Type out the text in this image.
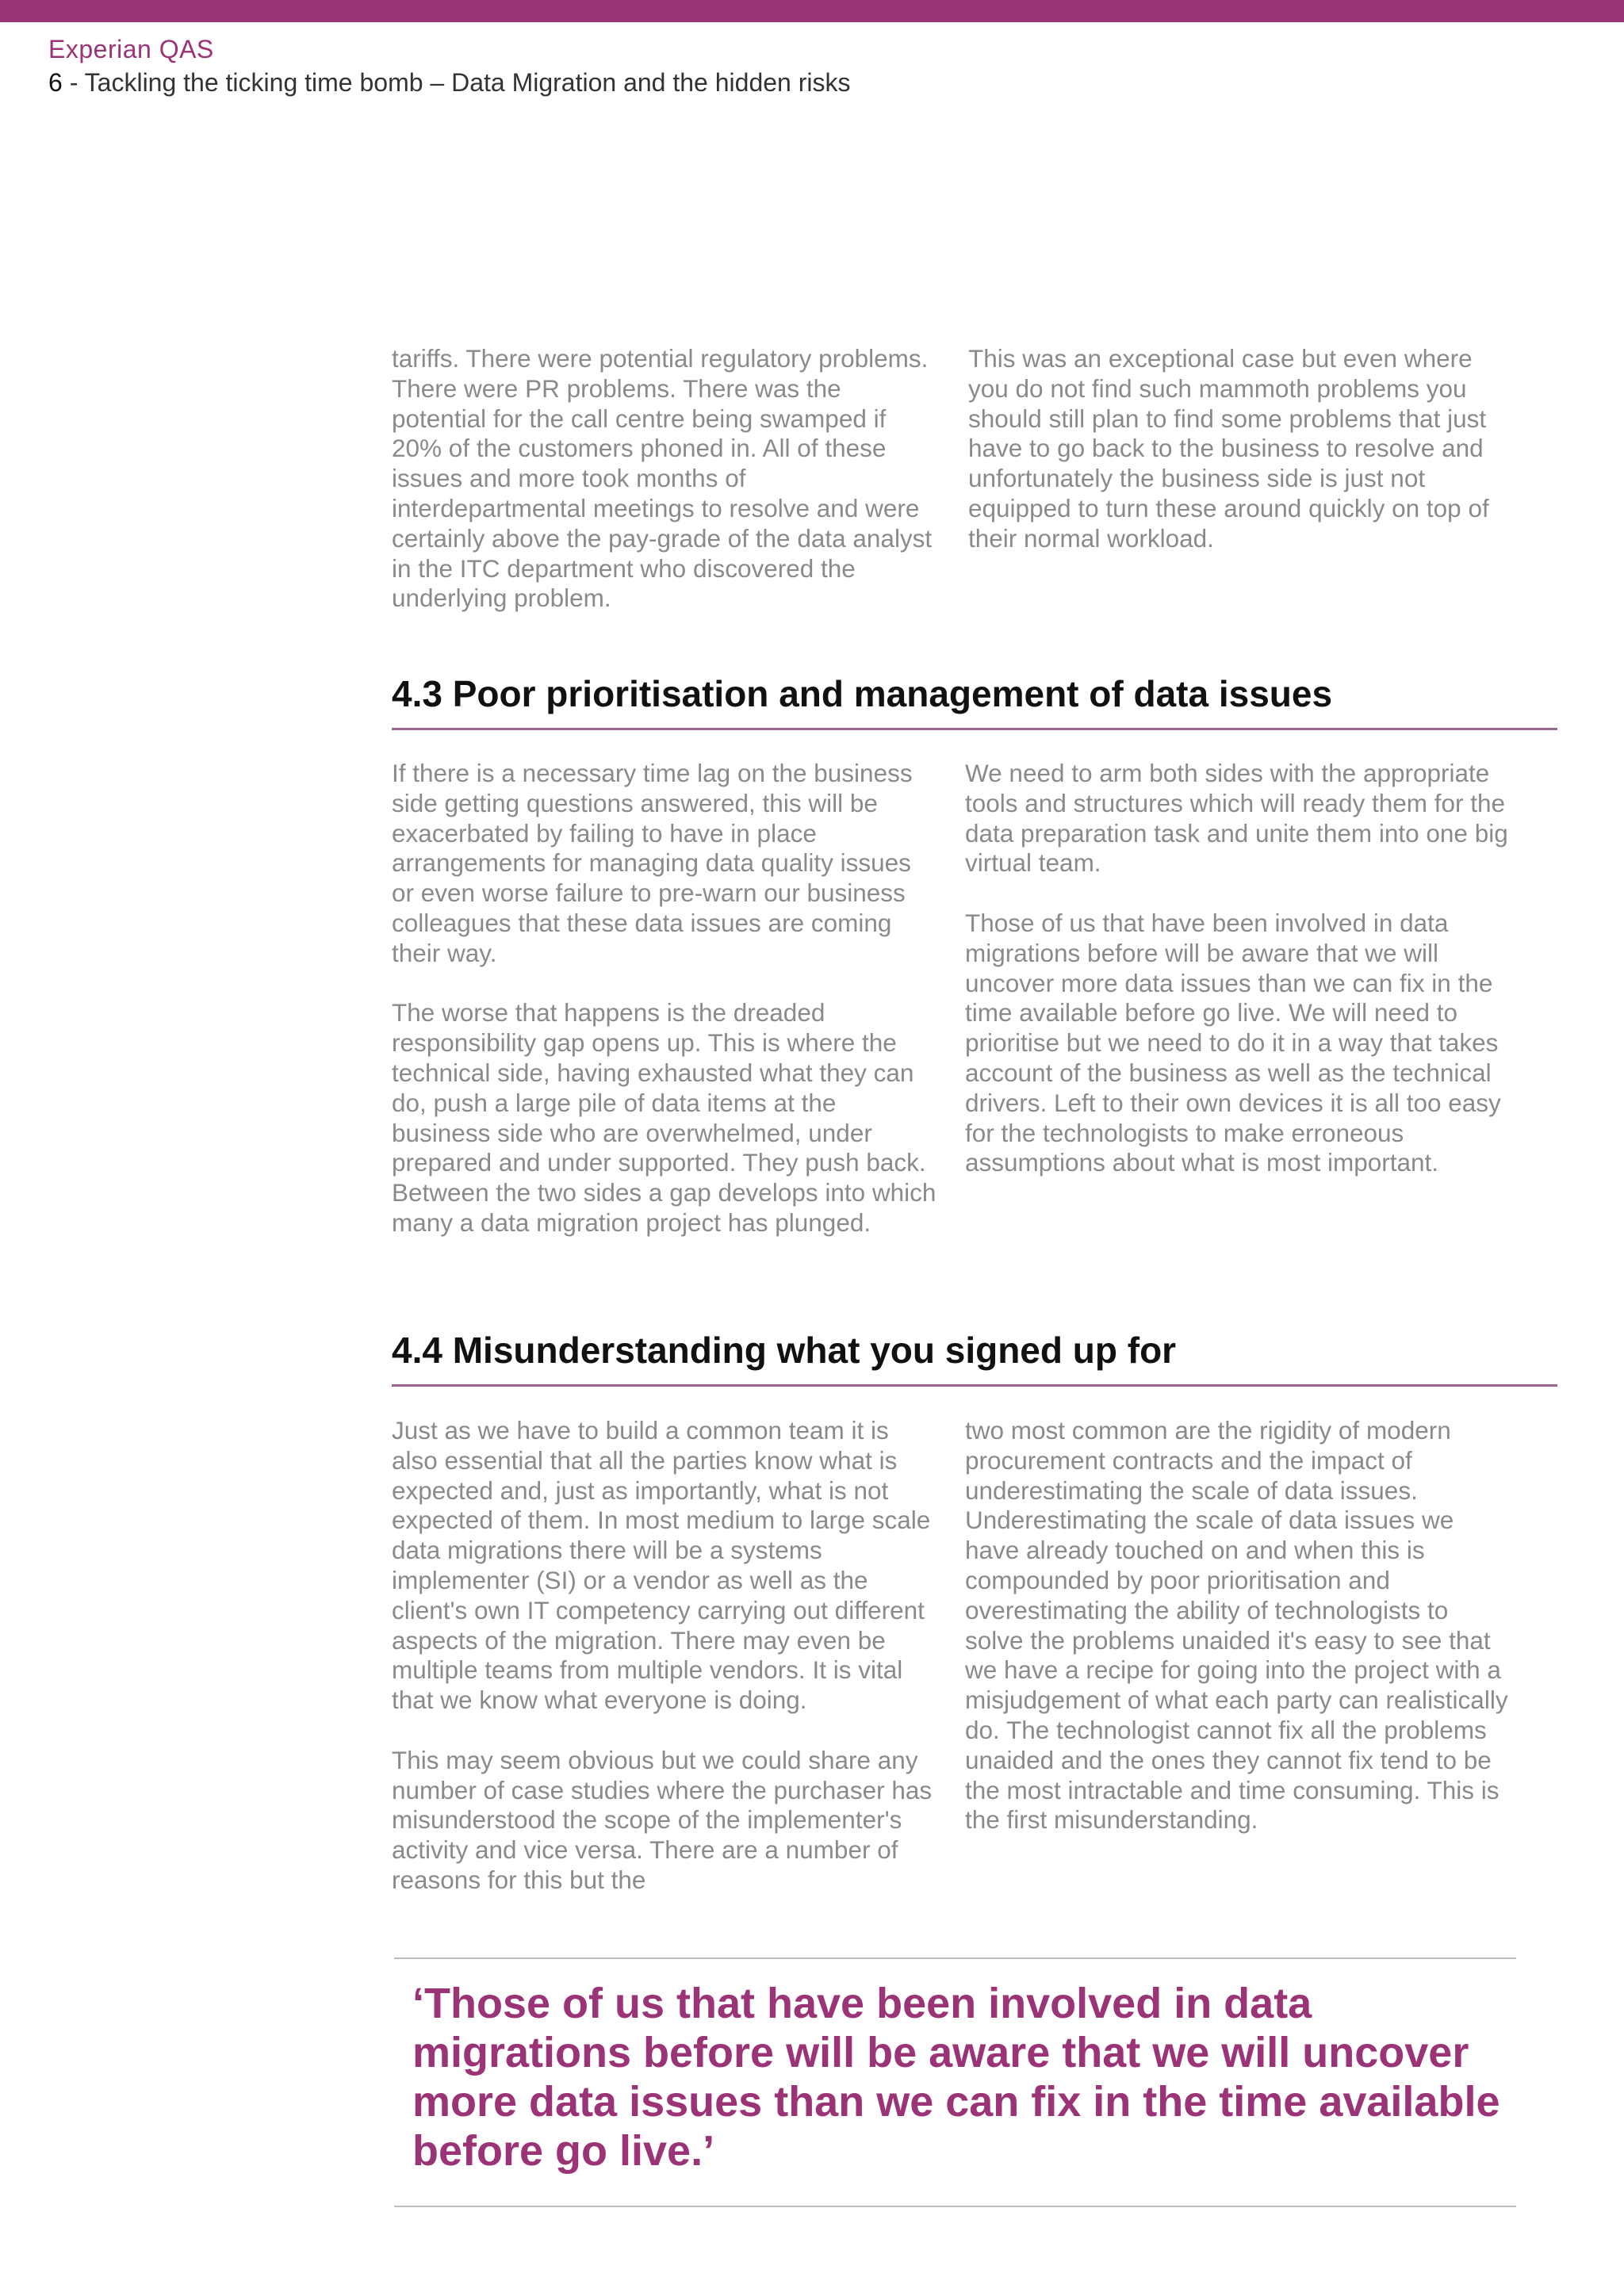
Experian QAS
6 - Tackling the ticking time bomb – Data Migration and the hidden risks

tariffs. There were potential regulatory problems. There were PR problems. There was the potential for the call centre being swamped if 20% of the customers phoned in. All of these issues and more took months of interdepartmental meetings to resolve and were certainly above the pay-grade of the data analyst in the ITC department who discovered the underlying problem.

This was an exceptional case but even where you do not find such mammoth problems you should still plan to find some problems that just have to go back to the business to resolve and unfortunately the business side is just not equipped to turn these around quickly on top of their normal workload.

4.3 Poor prioritisation and management of data issues

If there is a necessary time lag on the business side getting questions answered, this will be exacerbated by failing to have in place arrangements for managing data quality issues or even worse failure to pre-warn our business colleagues that these data issues are coming their way.

The worse that happens is the dreaded responsibility gap opens up. This is where the technical side, having exhausted what they can do, push a large pile of data items at the business side who are overwhelmed, under prepared and under supported. They push back. Between the two sides a gap develops into which many a data migration project has plunged.

We need to arm both sides with the appropriate tools and structures which will ready them for the data preparation task and unite them into one big virtual team.

Those of us that have been involved in data migrations before will be aware that we will uncover more data issues than we can fix in the time available before go live. We will need to prioritise but we need to do it in a way that takes account of the business as well as the technical drivers. Left to their own devices it is all too easy for the technologists to make erroneous assumptions about what is most important.

4.4 Misunderstanding what you signed up for

Just as we have to build a common team it is also essential that all the parties know what is expected and, just as importantly, what is not expected of them. In most medium to large scale data migrations there will be a systems implementer (SI) or a vendor as well as the client's own IT competency carrying out different aspects of the migration. There may even be multiple teams from multiple vendors. It is vital that we know what everyone is doing.

This may seem obvious but we could share any number of case studies where the purchaser has misunderstood the scope of the implementer's activity and vice versa. There are a number of reasons for this but the

two most common are the rigidity of modern procurement contracts and the impact of underestimating the scale of data issues. Underestimating the scale of data issues we have already touched on and when this is compounded by poor prioritisation and overestimating the ability of technologists to solve the problems unaided it's easy to see that we have a recipe for going into the project with a misjudgement of what each party can realistically do. The technologist cannot fix all the problems unaided and the ones they cannot fix tend to be the most intractable and time consuming. This is the first misunderstanding.

‘Those of us that have been involved in data migrations before will be aware that we will uncover more data issues than we can fix in the time available before go live.’
